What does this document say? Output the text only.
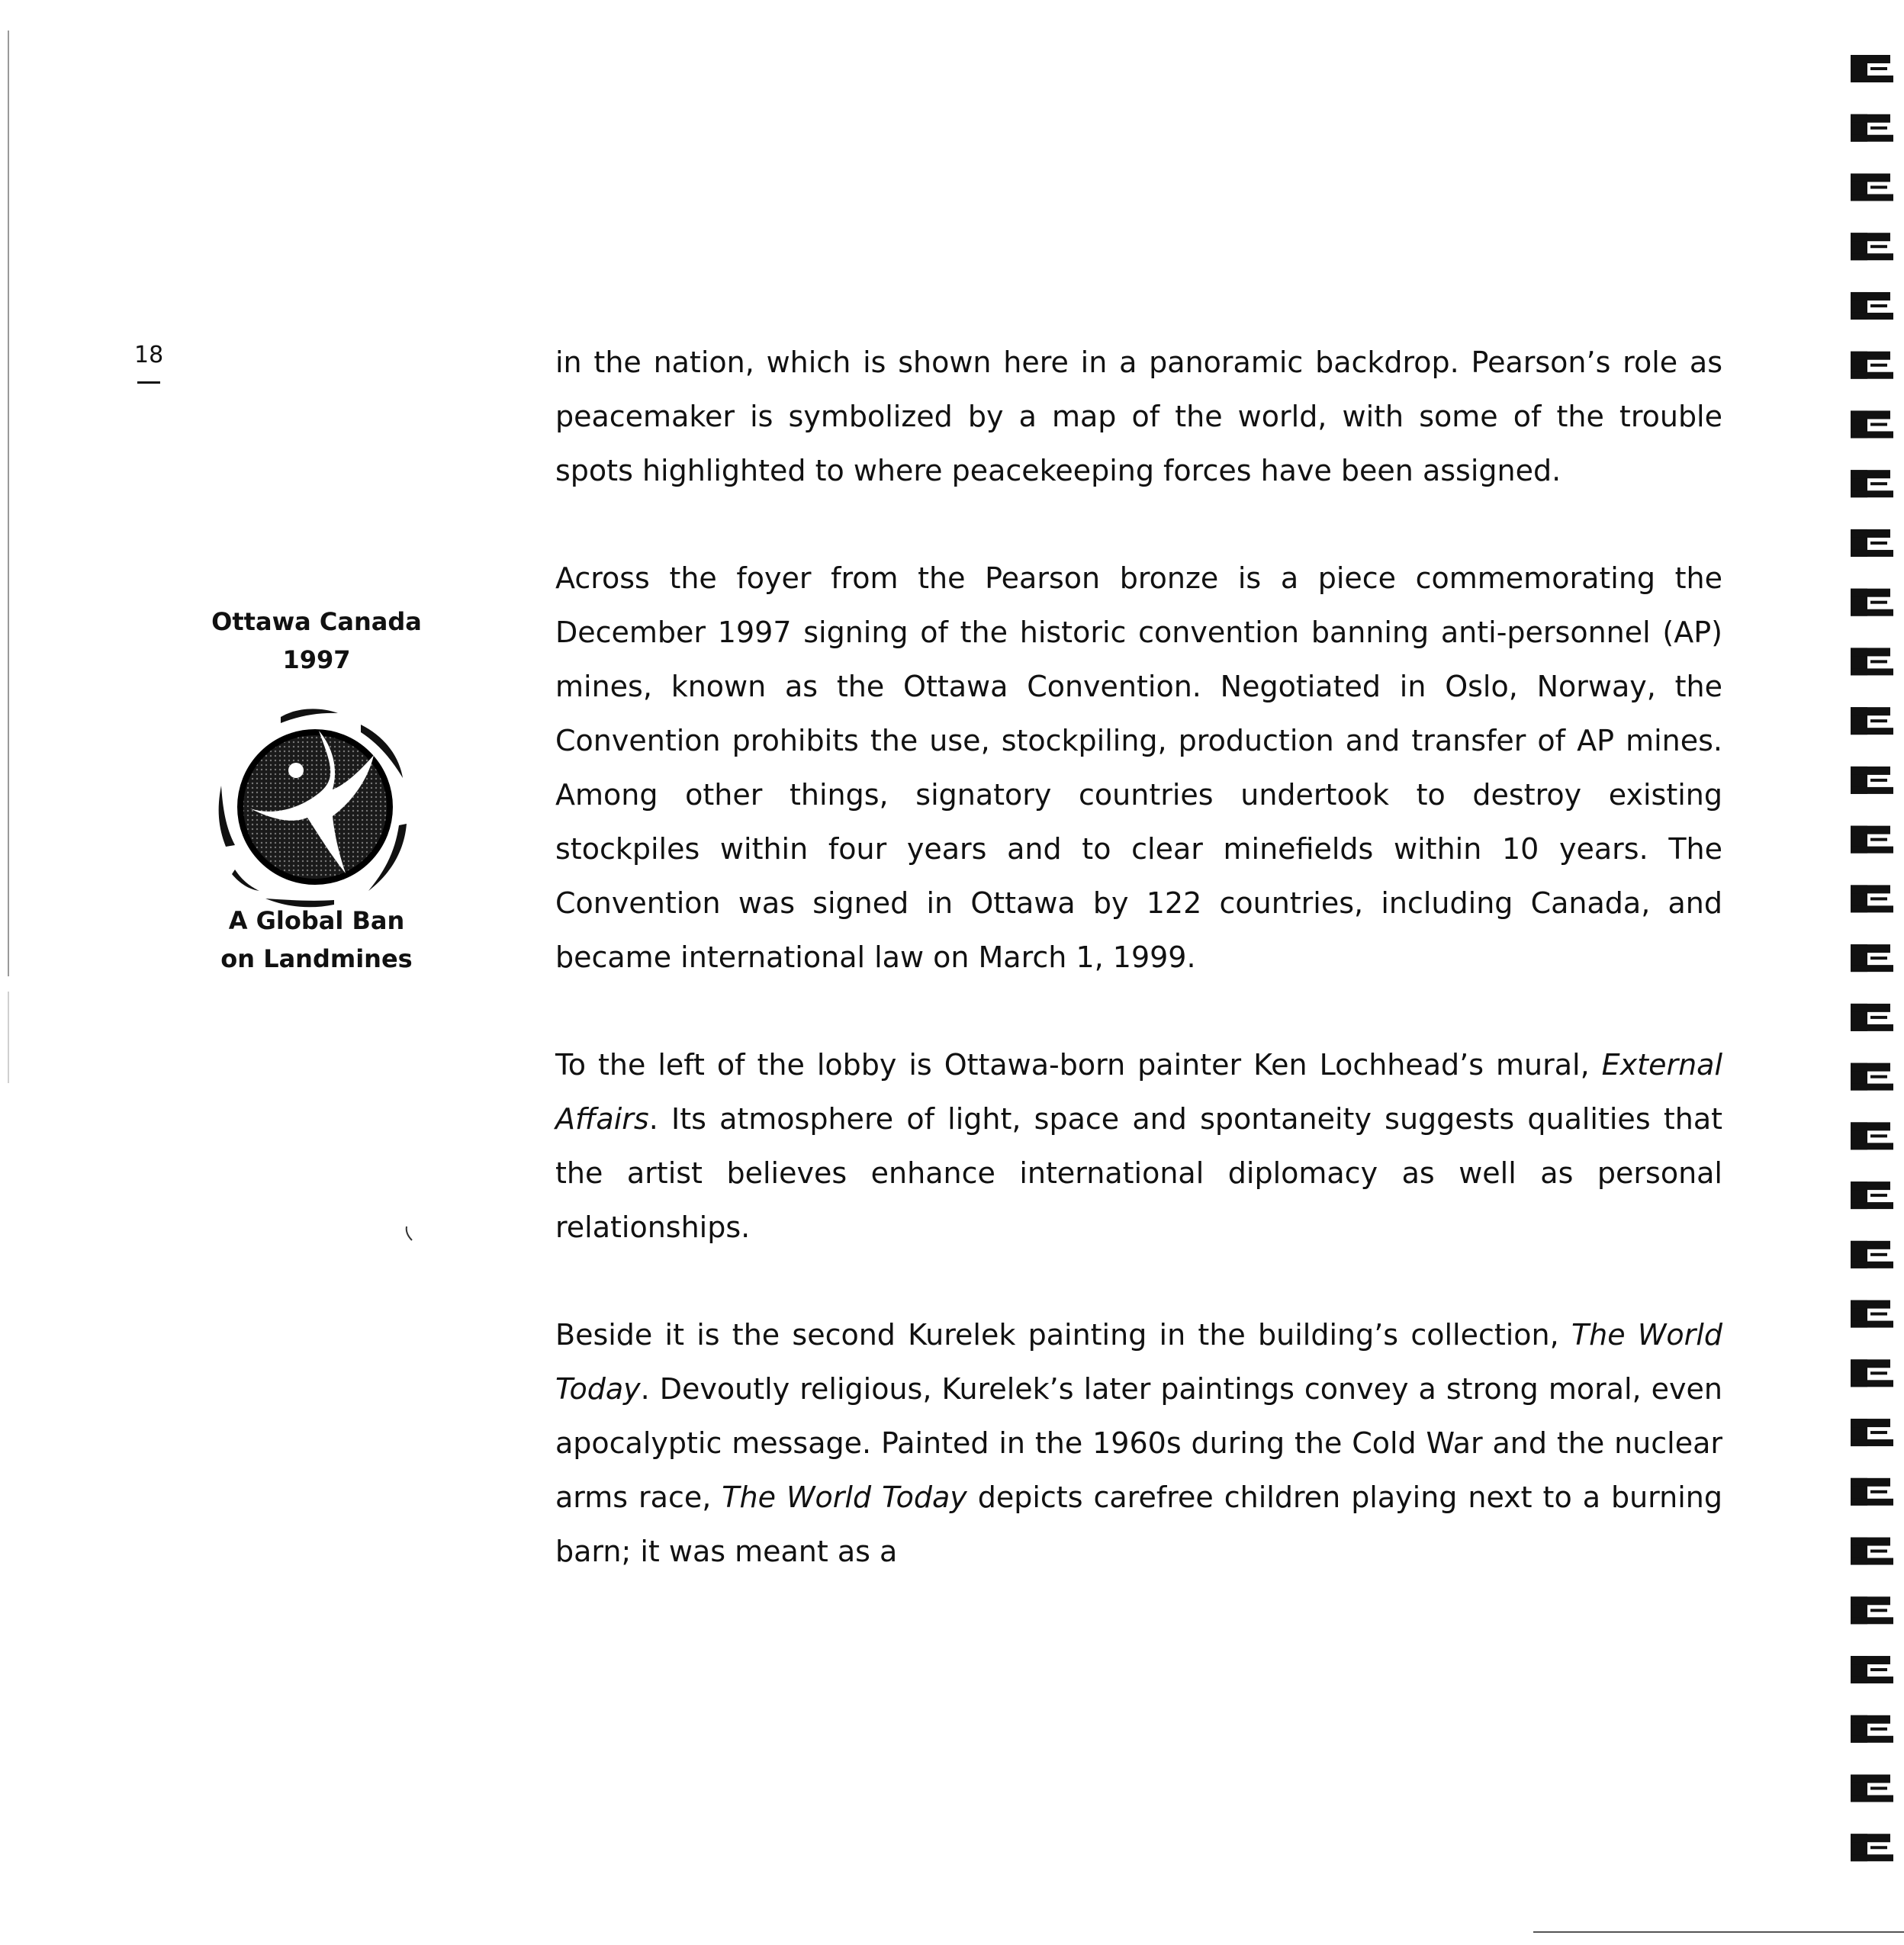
18
Ottawa Canada
1997
A Global Ban
on Landmines

in the nation, which is shown here in a panoramic backdrop. Pearson’s role as peacemaker is symbolized by a map of the world, with some of the trouble spots highlighted to where peacekeeping forces have been assigned.

Across the foyer from the Pearson bronze is a piece commemorating the December 1997 signing of the historic convention banning anti-personnel (AP) mines, known as the Ottawa Convention. Negotiated in Oslo, Norway, the Convention prohibits the use, stockpiling, production and transfer of AP mines. Among other things, signatory countries undertook to destroy existing stockpiles within four years and to clear minefields within 10 years. The Convention was signed in Ottawa by 122 countries, including Canada, and became international law on March 1, 1999.

To the left of the lobby is Ottawa-born painter Ken Lochhead’s mural, External Affairs. Its atmosphere of light, space and spontaneity suggests qualities that the artist believes enhance international diplomacy as well as personal relationships.

Beside it is the second Kurelek painting in the building’s collection, The World Today. Devoutly religious, Kurelek’s later paintings convey a strong moral, even apocalyptic message. Painted in the 1960s during the Cold War and the nuclear arms race, The World Today depicts carefree children playing next to a burning barn; it was meant as a
